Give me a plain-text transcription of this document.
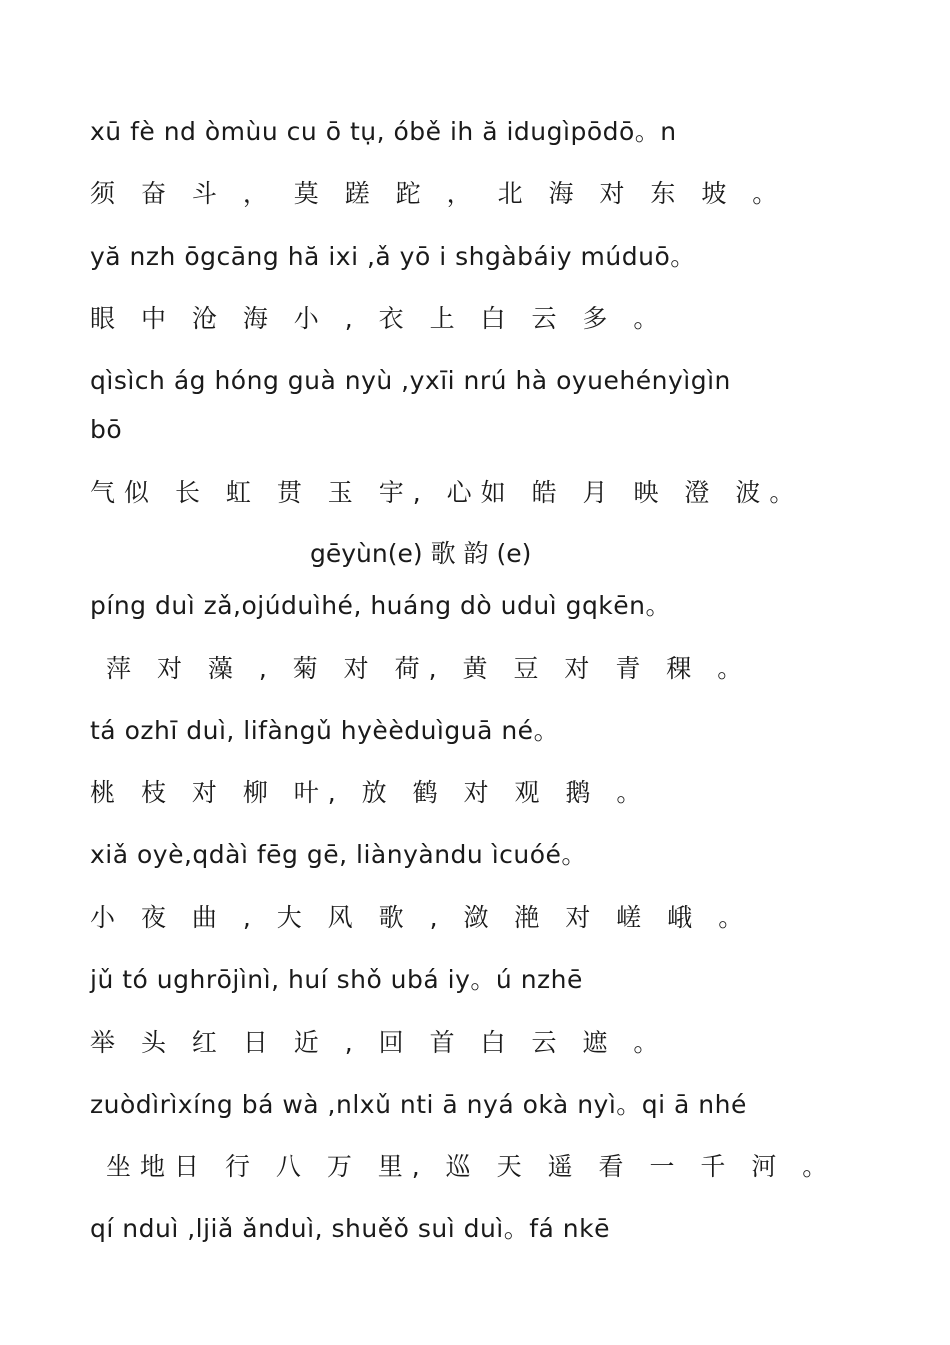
xū fè nd òmùu cu ō tụ, óbě ih ă idugìpōdō。n
须 奋 斗 ， 莫 蹉 跎 ， 北 海 对 东 坡 。
yă nzh ōgcāng hă ixi ,ǎ yō i shgàbáiy múduō。
眼 中 沧 海 小 , 衣 上 白 云 多 。
qìsìch ág hóng guà nyù ,yxīi nrú hà oyuehényìgìn
bō
气似 长 虹 贯 玉 宇, 心如 皓 月 映 澄 波。
gēyùn(e) 歌 韵 (e)
píng duì zǎ,ojúduìhé, huáng dò uduì gqkēn。
萍 对 藻 , 菊 对 荷, 黄 豆 对 青 稞 。
tá ozhī duì, lifàngǔ hyèèduìguā né。
桃 枝 对 柳 叶, 放 鹤 对 观 鹅 。
xiǎ oyè,qdàì fēg gē, liànyàndu ìcuóé。
小 夜 曲 , 大 风 歌 , 潋 滟 对 嵯 峨 。
jǔ tó ughrōjìnì, huí shǒ ubá iy。ú nzhē
举 头 红 日 近 , 回 首 白 云 遮 。
zuòdìrìxíng bá wà ,nlxǔ nti ā nyá okà nyì。qi ā nhé
坐地日 行 八 万 里, 巡 天 遥 看 一 千 河 。
qí nduì ,ljiǎ ǎnduì, shuěǒ suì duì。fá nkē
